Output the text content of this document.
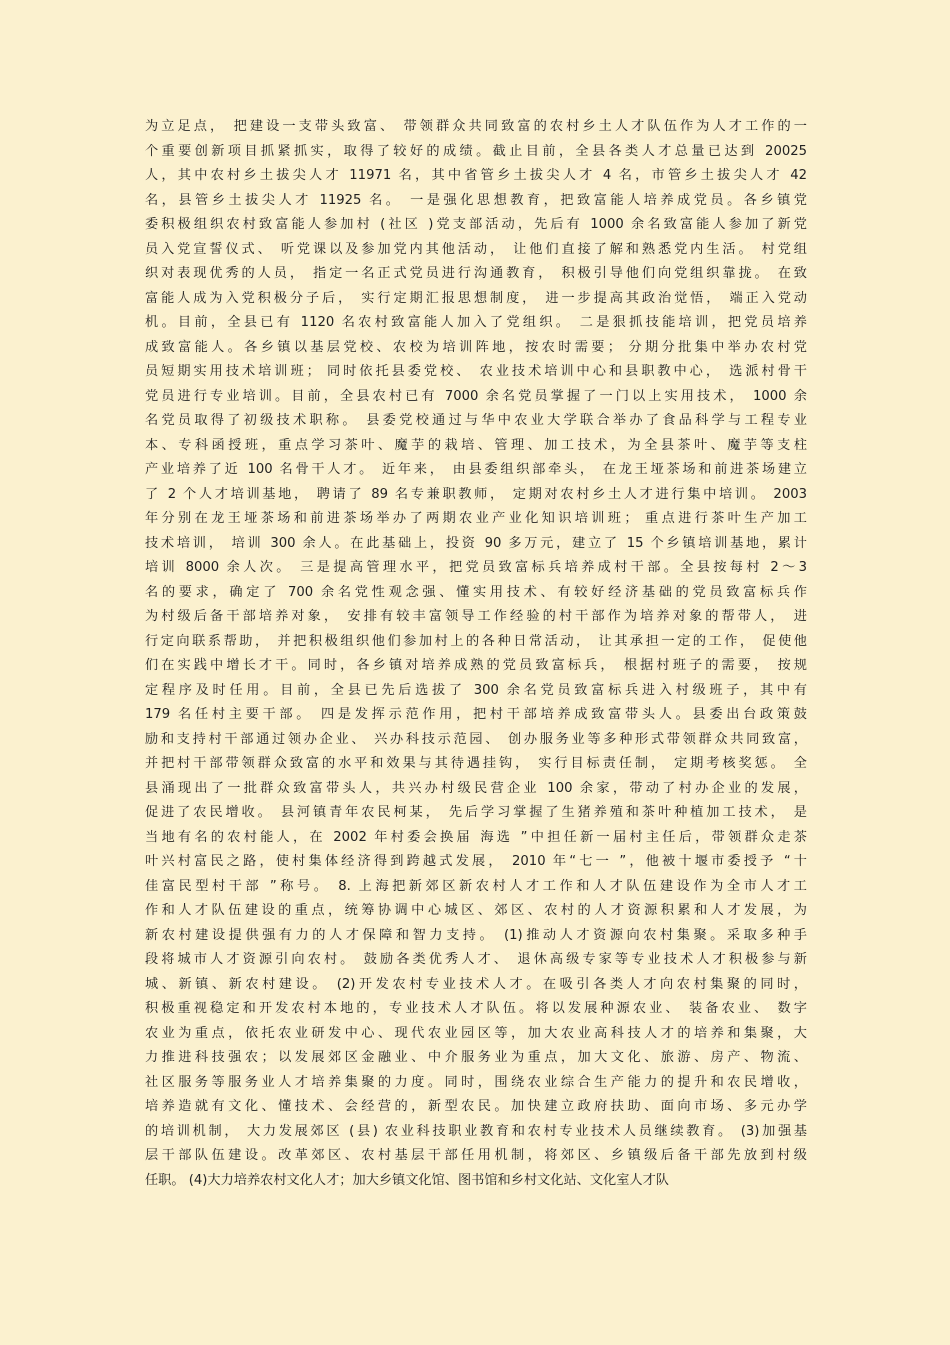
为立足点， 把建设一支带头致富、 带领群众共同致富的农村乡土人才队伍作为人才工作的一
个重要创新项目抓紧抓实，取得了较好的成绩。截止目前，全县各类人才总量已达到 20025
人，其中农村乡土拔尖人才 11971 名，其中省管乡土拔尖人才 4 名，市管乡土拔尖人才 42
名，县管乡土拔尖人才 11925 名。 一是强化思想教育，把致富能人培养成党员。各乡镇党
委积极组织农村致富能人参加村 (社区 )党支部活动，先后有 1000 余名致富能人参加了新党
员入党宣誓仪式、 听党课以及参加党内其他活动， 让他们直接了解和熟悉党内生活。 村党组
织对表现优秀的人员， 指定一名正式党员进行沟通教育， 积极引导他们向党组织靠拢。 在致
富能人成为入党积极分子后， 实行定期汇报思想制度， 进一步提高其政治觉悟， 端正入党动
机。目前，全县已有 1120 名农村致富能人加入了党组织。 二是狠抓技能培训，把党员培养
成致富能人。各乡镇以基层党校、农校为培训阵地，按农时需要； 分期分批集中举办农村党
员短期实用技术培训班； 同时依托县委党校、 农业技术培训中心和县职教中心， 选派村骨干
党员进行专业培训。目前，全县农村已有 7000 余名党员掌握了一门以上实用技术， 1000 余
名党员取得了初级技术职称。 县委党校通过与华中农业大学联合举办了食品科学与工程专业
本、专科函授班，重点学习茶叶、魔芋的栽培、管理、加工技术，为全县茶叶、魔芋等支柱
产业培养了近 100 名骨干人才。 近年来， 由县委组织部牵头， 在龙王垭茶场和前进茶场建立
了 2 个人才培训基地， 聘请了 89 名专兼职教师， 定期对农村乡土人才进行集中培训。 2003
年分别在龙王垭茶场和前进茶场举办了两期农业产业化知识培训班； 重点进行茶叶生产加工
技术培训， 培训 300 余人。在此基础上，投资 90 多万元，建立了 15 个乡镇培训基地，累计
培训 8000 余人次。 三是提高管理水平，把党员致富标兵培养成村干部。全县按每村 2～3
名的要求，确定了 700 余名党性观念强、懂实用技术、有较好经济基础的党员致富标兵作
为村级后备干部培养对象， 安排有较丰富领导工作经验的村干部作为培养对象的帮带人， 进
行定向联系帮助， 并把积极组织他们参加村上的各种日常活动， 让其承担一定的工作， 促使他
们在实践中增长才干。同时，各乡镇对培养成熟的党员致富标兵， 根据村班子的需要， 按规
定程序及时任用。目前，全县已先后选拔了 300 余名党员致富标兵进入村级班子，其中有
179 名任村主要干部。 四是发挥示范作用，把村干部培养成致富带头人。县委出台政策鼓
励和支持村干部通过领办企业、 兴办科技示范园、 创办服务业等多种形式带领群众共同致富，
并把村干部带领群众致富的水平和效果与其待遇挂钩， 实行目标责任制， 定期考核奖惩。 全
县涌现出了一批群众致富带头人，共兴办村级民营企业 100 余家，带动了村办企业的发展，
促进了农民增收。 县河镇青年农民柯某， 先后学习掌握了生猪养殖和茶叶种植加工技术， 是
当地有名的农村能人，在 2002 年村委会换届 海选 ”中担任新一届村主任后，带领群众走茶
叶兴村富民之路，使村集体经济得到跨越式发展， 2010 年“七一 ”，他被十堰市委授予 “十
佳富民型村干部 ”称号。 8. 上海把新郊区新农村人才工作和人才队伍建设作为全市人才工
作和人才队伍建设的重点，统筹协调中心城区、郊区、农村的人才资源积累和人才发展，为
新农村建设提供强有力的人才保障和智力支持。 (1)推动人才资源向农村集聚。采取多种手
段将城市人才资源引向农村。 鼓励各类优秀人才、 退休高级专家等专业技术人才积极参与新
城、新镇、新农村建设。 (2)开发农村专业技术人才。在吸引各类人才向农村集聚的同时，
积极重视稳定和开发农村本地的，专业技术人才队伍。将以发展种源农业、 装备农业、 数字
农业为重点，依托农业研发中心、现代农业园区等，加大农业高科技人才的培养和集聚，大
力推进科技强农；以发展郊区金融业、中介服务业为重点，加大文化、旅游、房产、物流、
社区服务等服务业人才培养集聚的力度。同时，围绕农业综合生产能力的提升和农民增收，
培养造就有文化、懂技术、会经营的，新型农民。加快建立政府扶助、面向市场、多元办学
的培训机制， 大力发展郊区 (县) 农业科技职业教育和农村专业技术人员继续教育。 (3)加强基
层干部队伍建设。改革郊区、农村基层干部任用机制，将郊区、乡镇级后备干部先放到村级
任职。 (4)大力培养农村文化人才；加大乡镇文化馆、图书馆和乡村文化站、文化室人才队
